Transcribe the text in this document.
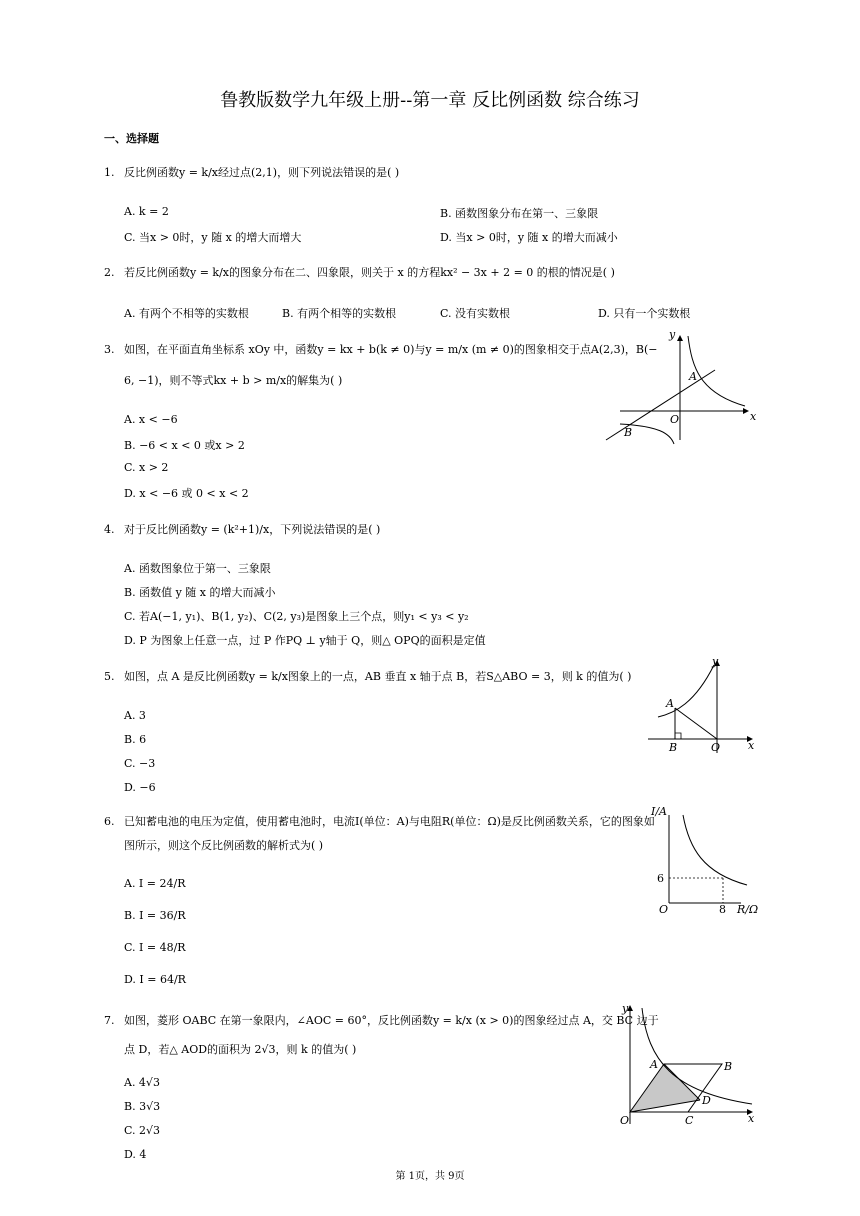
鲁教版数学九年级上册--第一章 反比例函数 综合练习
一、选择题
1. 反比例函数y = k/x经过点(2,1)，则下列说法错误的是( )
A. k = 2	B. 函数图象分布在第一、三象限
C. 当x > 0时，y 随 x 的增大而增大	D. 当x > 0时，y 随 x 的增大而减小
2. 若反比例函数y = k/x的图象分布在二、四象限，则关于 x 的方程kx² − 3x + 2 = 0 的根的情况是( )
A. 有两个不相等的实数根	B. 有两个相等的实数根	C. 没有实数根	D. 只有一个实数根
3. 如图，在平面直角坐标系 xOy 中，函数y = kx + b(k ≠ 0)与y = m/x (m ≠ 0)的图象相交于点A(2,3)，B(−
6, −1)，则不等式kx + b > m/x的解集为( )
A. x < −6
B. −6 < x < 0 或x > 2
C. x > 2
D. x < −6 或 0 < x < 2
y
x
O
A
B
4. 对于反比例函数y = (k²+1)/x，下列说法错误的是( )
A. 函数图象位于第一、三象限
B. 函数值 y 随 x 的增大而减小
C. 若A(−1, y₁)、B(1, y₂)、C(2, y₃)是图象上三个点，则y₁ < y₃ < y₂
D. P 为图象上任意一点，过 P 作PQ ⊥ y轴于 Q，则△ OPQ的面积是定值
5. 如图，点 A 是反比例函数y = k/x图象上的一点，AB 垂直 x 轴于点 B，若S△ABO = 3，则 k 的值为( )
A. 3
B. 6
C. −3
D. −6
y
x
O
A
B
6. 已知蓄电池的电压为定值，使用蓄电池时，电流I(单位：A)与电阻R(单位：Ω)是反比例函数关系，它的图象如
图所示，则这个反比例函数的解析式为( )
A. I = 24/R
B. I = 36/R
C. I = 48/R
D. I = 64/R
I/A
R/Ω
O
6
8
7. 如图，菱形 OABC 在第一象限内，∠AOC = 60°，反比例函数y = k/x (x > 0)的图象经过点 A，交 BC 边于
点 D，若△ AOD的面积为 2√3，则 k 的值为( )
A. 4√3
B. 3√3
C. 2√3
D. 4
y
x
O
A	B
C
D
第 1页，共 9页
